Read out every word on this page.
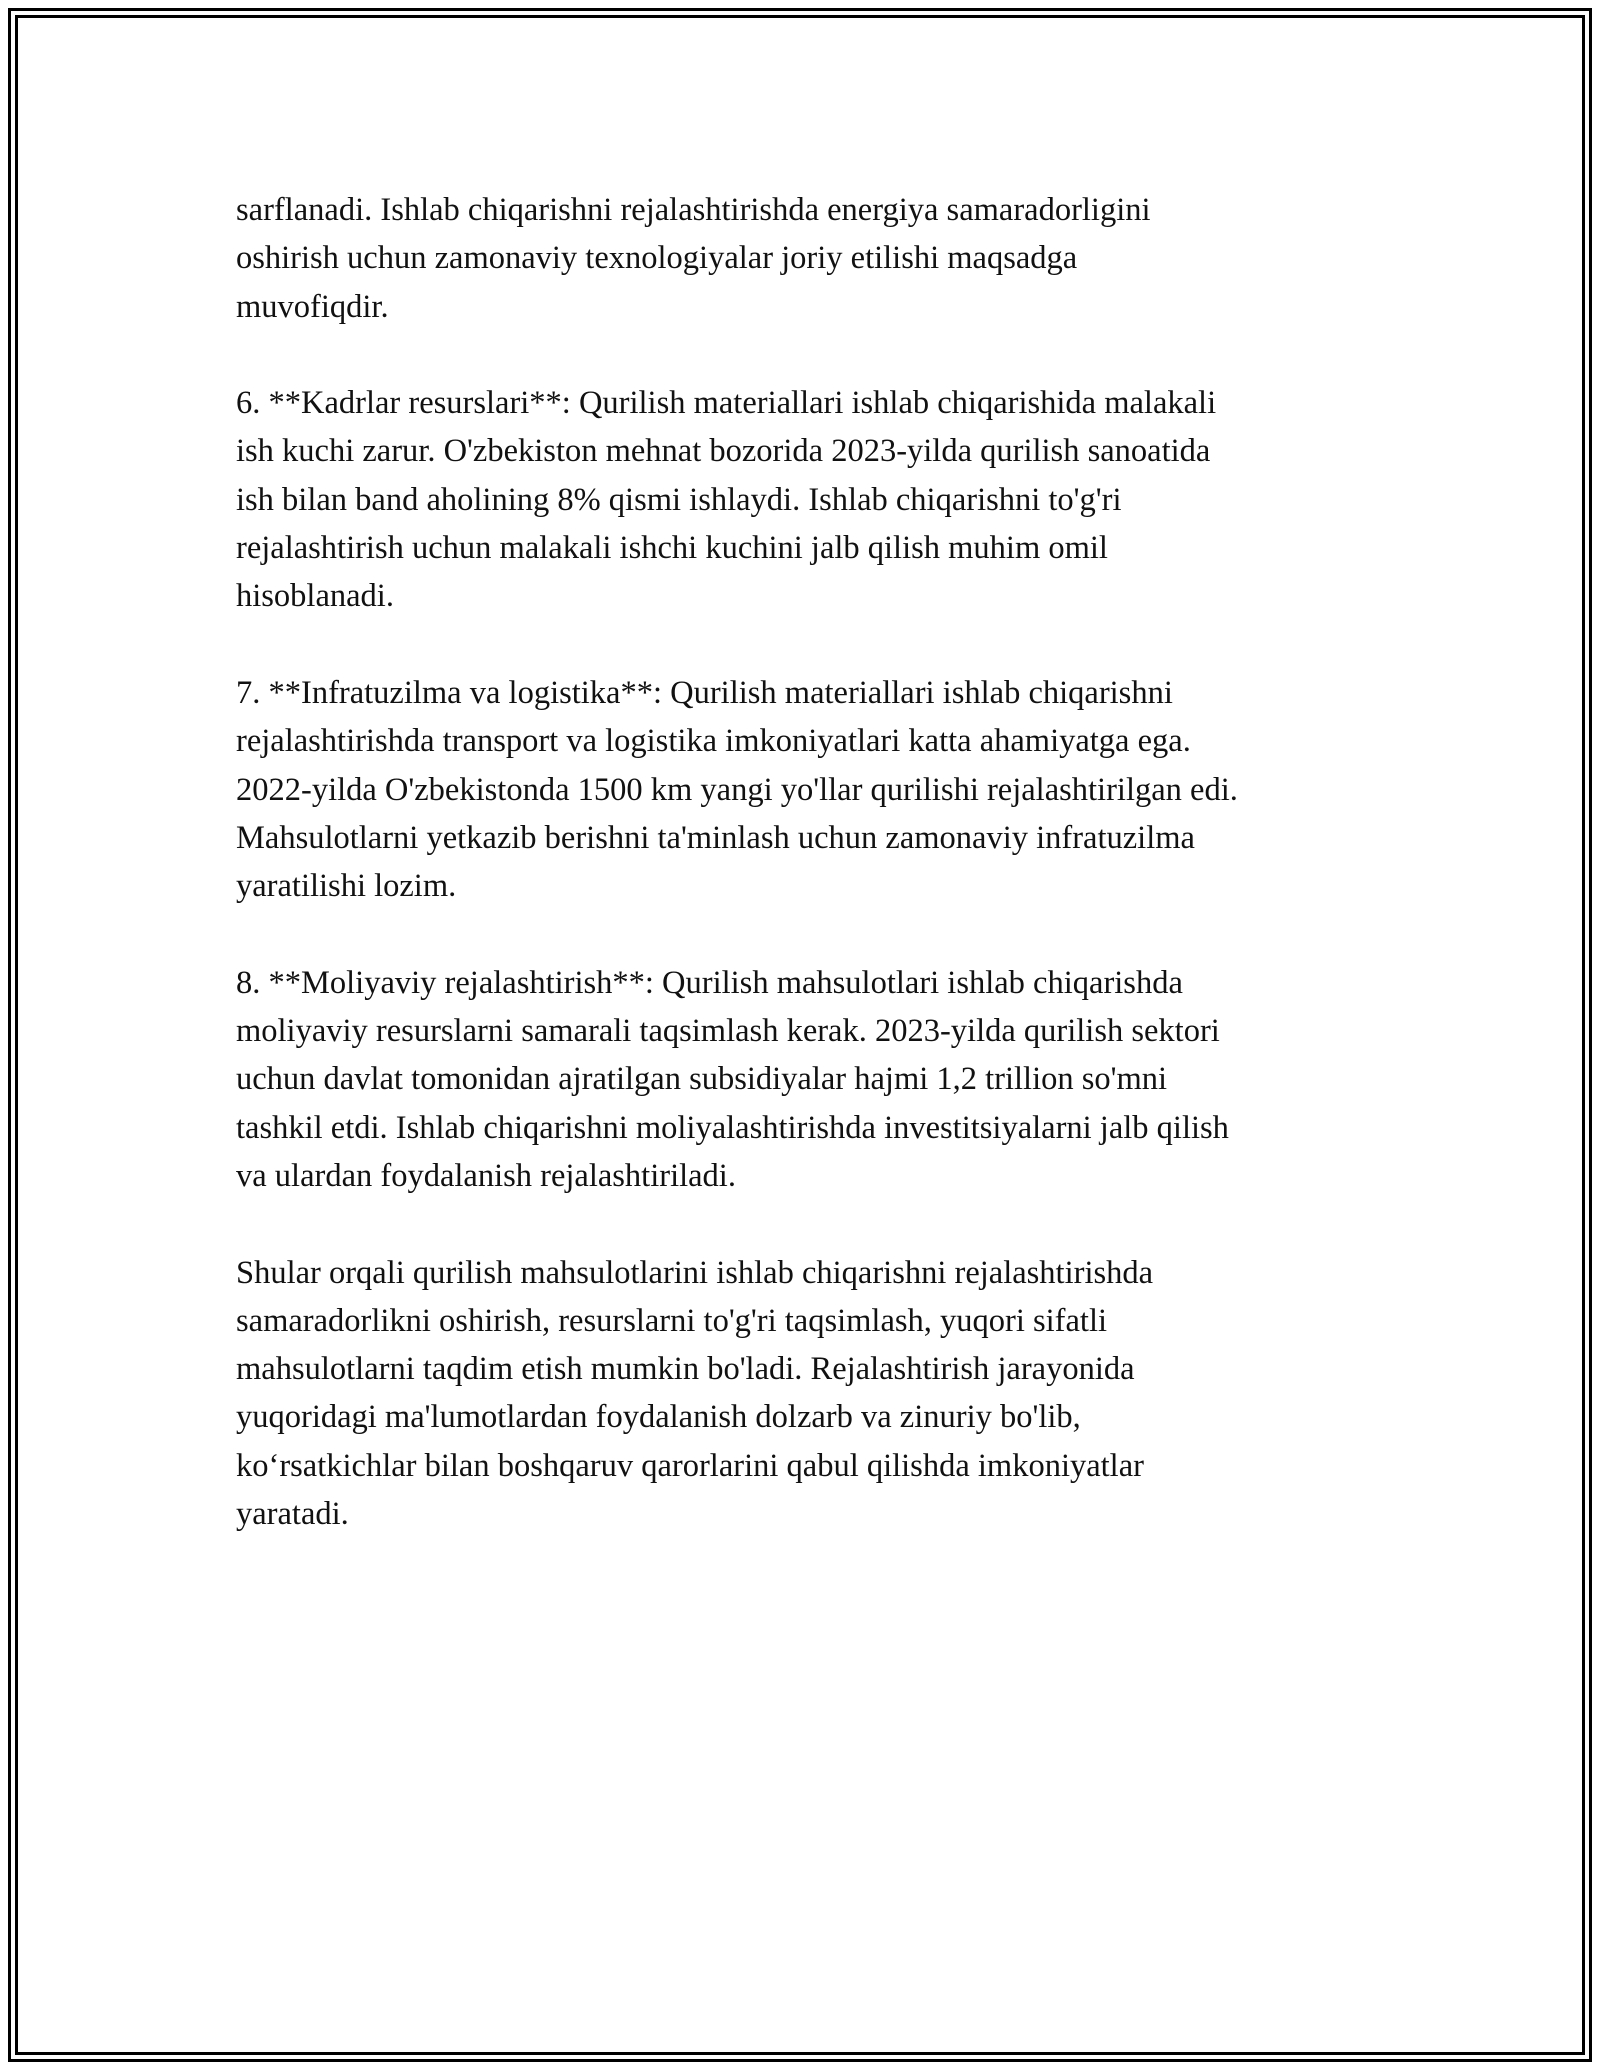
sarflanadi. Ishlab chiqarishni rejalashtirishda energiya samaradorligini
oshirish uchun zamonaviy texnologiyalar joriy etilishi maqsadga
muvofiqdir.

6. **Kadrlar resurslari**: Qurilish materiallari ishlab chiqarishida malakali
ish kuchi zarur. O'zbekiston mehnat bozorida 2023-yilda qurilish sanoatida
ish bilan band aholining 8% qismi ishlaydi. Ishlab chiqarishni to'g'ri
rejalashtirish uchun malakali ishchi kuchini jalb qilish muhim omil
hisoblanadi.

7. **Infratuzilma va logistika**: Qurilish materiallari ishlab chiqarishni
rejalashtirishda transport va logistika imkoniyatlari katta ahamiyatga ega.
2022-yilda O'zbekistonda 1500 km yangi yo'llar qurilishi rejalashtirilgan edi.
Mahsulotlarni yetkazib berishni ta'minlash uchun zamonaviy infratuzilma
yaratilishi lozim.

8. **Moliyaviy rejalashtirish**: Qurilish mahsulotlari ishlab chiqarishda
moliyaviy resurslarni samarali taqsimlash kerak. 2023-yilda qurilish sektori
uchun davlat tomonidan ajratilgan subsidiyalar hajmi 1,2 trillion so'mni
tashkil etdi. Ishlab chiqarishni moliyalashtirishda investitsiyalarni jalb qilish
va ulardan foydalanish rejalashtiriladi.

Shular orqali qurilish mahsulotlarini ishlab chiqarishni rejalashtirishda
samaradorlikni oshirish, resurslarni to'g'ri taqsimlash, yuqori sifatli
mahsulotlarni taqdim etish mumkin bo'ladi. Rejalashtirish jarayonida
yuqoridagi ma'lumotlardan foydalanish dolzarb va zinuriy bo'lib,
ko‘rsatkichlar bilan boshqaruv qarorlarini qabul qilishda imkoniyatlar
yaratadi.
